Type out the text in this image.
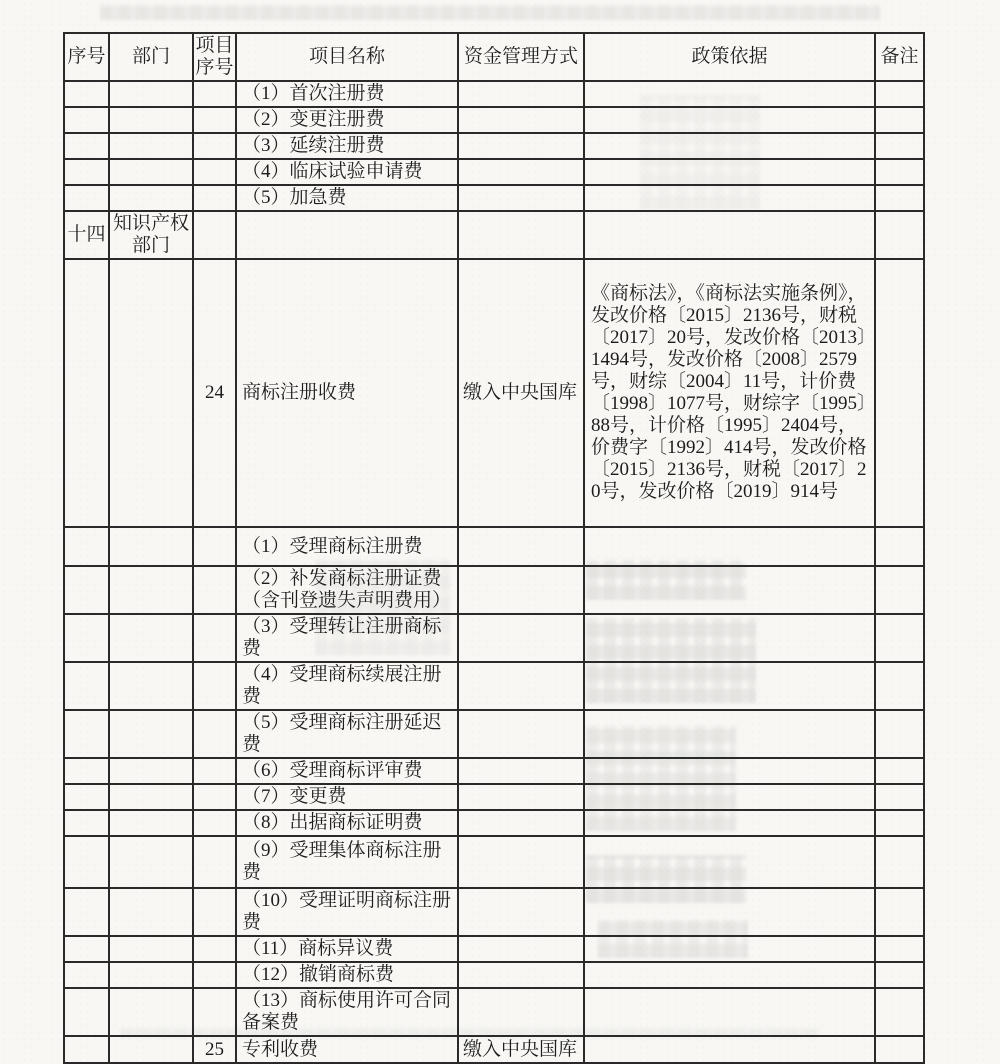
序号	部门	项目序号	项目名称	资金管理方式	政策依据	备注
			（1）首次注册费			
			（2）变更注册费			
			（3）延续注册费			
			（4）临床试验申请费			
			（5）加急费			
十四	知识产权部门					
		24	商标注册收费	缴入中央国库	《商标法》，《商标法实施条例》，发改价格〔2015〕2136号，财税〔2017〕20号，发改价格〔2013〕1494号，发改价格〔2008〕2579号，财综〔2004〕11号，计价费〔1998〕1077号，财综字〔1995〕88号，计价格〔1995〕2404号，价费字〔1992〕414号，发改价格〔2015〕2136号，财税〔2017〕20号，发改价格〔2019〕914号	
			（1）受理商标注册费			
			（2）补发商标注册证费（含刊登遗失声明费用）			
			（3）受理转让注册商标费			
			（4）受理商标续展注册费			
			（5）受理商标注册延迟费			
			（6）受理商标评审费			
			（7）变更费			
			（8）出据商标证明费			
			（9）受理集体商标注册费			
			（10）受理证明商标注册费			
			（11）商标异议费			
			（12）撤销商标费			
			（13）商标使用许可合同备案费			
		25	专利收费	缴入中央国库		
